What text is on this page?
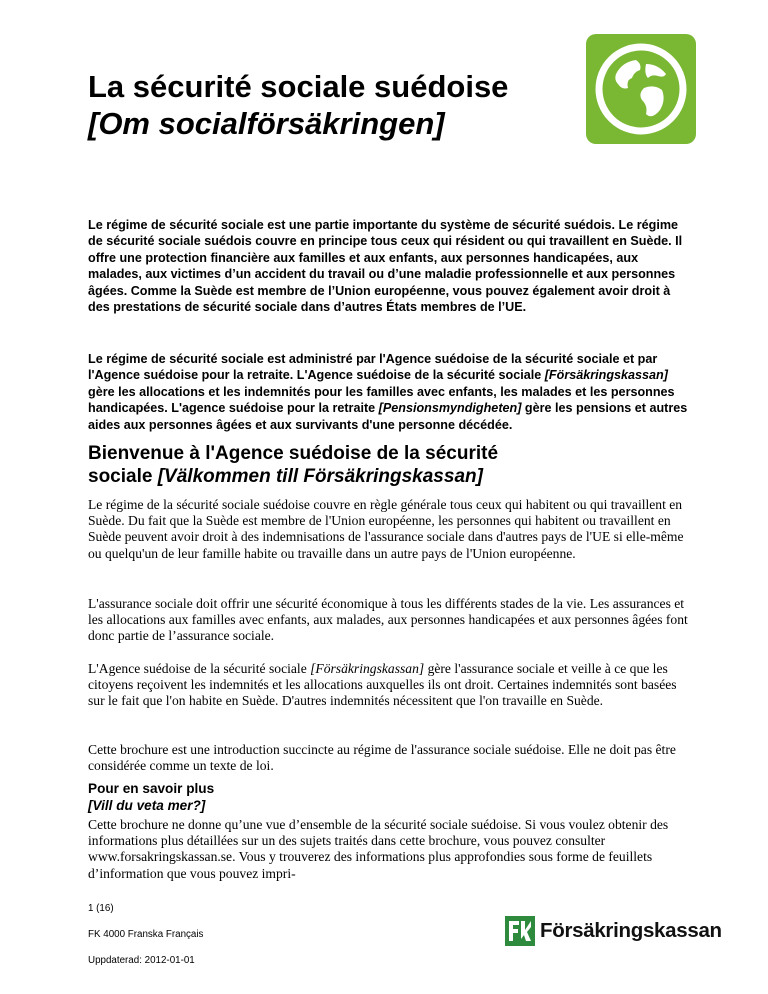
La sécurité sociale suédoise
[Om socialförsäkringen]

Le régime de sécurité sociale est une partie importante du système de sécurité suédois. Le régime de sécurité sociale suédois couvre en principe tous ceux qui résident ou qui travaillent en Suède. Il offre une protection financière aux familles et aux enfants, aux personnes handicapées, aux malades, aux victimes d’un accident du travail ou d’une maladie professionnelle et aux personnes âgées. Comme la Suède est membre de l’Union européenne, vous pouvez également avoir droit à des prestations de sécurité sociale dans d’autres États membres de l’UE.

Le régime de sécurité sociale est administré par l'Agence suédoise de la sécurité sociale et par l'Agence suédoise pour la retraite. L'Agence suédoise de la sécurité sociale [Försäkringskassan] gère les allocations et les indemnités pour les familles avec enfants, les malades et les personnes handicapées. L'agence suédoise pour la retraite [Pensionsmyndigheten] gère les pensions et autres aides aux personnes âgées et aux survivants d'une personne décédée.

Bienvenue à l'Agence suédoise de la sécurité
sociale [Välkommen till Försäkringskassan]

Le régime de la sécurité sociale suédoise couvre en règle générale tous ceux qui habitent ou qui travaillent en Suède. Du fait que la Suède est membre de l'Union européenne, les personnes qui habitent ou travaillent en Suède peuvent avoir droit à des indemnisations de l'assurance sociale dans d'autres pays de l'UE si elle-même ou quelqu'un de leur famille habite ou travaille dans un autre pays de l'Union européenne.

L'assurance sociale doit offrir une sécurité économique à tous les différents stades de la vie. Les assurances et les allocations aux familles avec enfants, aux malades, aux personnes handicapées et aux personnes âgées font donc partie de l’assurance sociale.

L'Agence suédoise de la sécurité sociale [Försäkringskassan] gère l'assurance sociale et veille à ce que les citoyens reçoivent les indemnités et les allocations auxquelles ils ont droit. Certaines indemnités sont basées sur le fait que l'on habite en Suède. D'autres indemnités nécessitent que l'on travaille en Suède.

Cette brochure est une introduction succincte au régime de l'assurance sociale suédoise. Elle ne doit pas être considérée comme un texte de loi.

Pour en savoir plus
[Vill du veta mer?]

Cette brochure ne donne qu’une vue d’ensemble de la sécurité sociale suédoise. Si vous voulez obtenir des informations plus détaillées sur un des sujets traités dans cette brochure, vous pouvez consulter www.forsakringskassan.se. Vous y trouverez des informations plus approfondies sous forme de feuillets d’information que vous pouvez impri-

1 (16)
FK 4000 Franska Français
Uppdaterad: 2012-01-01
Försäkringskassan
